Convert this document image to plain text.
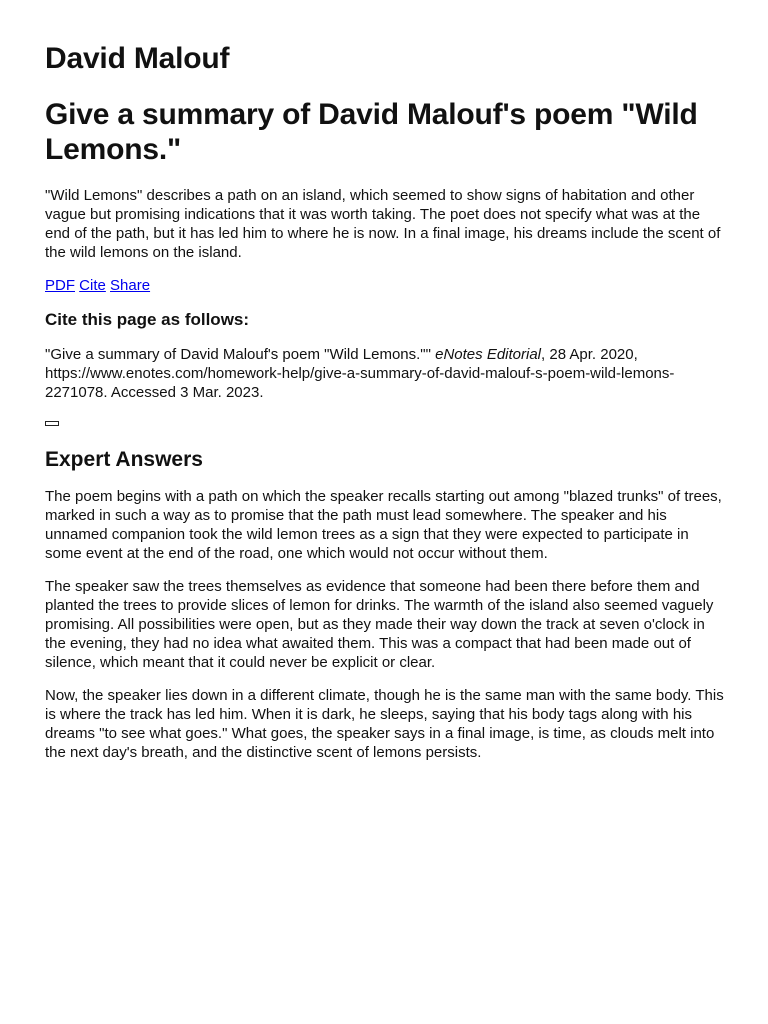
David Malouf
Give a summary of David Malouf's poem "Wild Lemons."

"Wild Lemons" describes a path on an island, which seemed to show signs of habitation and other vague but promising indications that it was worth taking. The poet does not specify what was at the end of the path, but it has led him to where he is now. In a final image, his dreams include the scent of the wild lemons on the island.

PDF Cite Share

Cite this page as follows:

"Give a summary of David Malouf's poem "Wild Lemons."" eNotes Editorial, 28 Apr. 2020, https://www.enotes.com/homework-help/give-a-summary-of-david-malouf-s-poem-wild-lemons-2271078. Accessed 3 Mar. 2023.

Expert Answers

The poem begins with a path on which the speaker recalls starting out among "blazed trunks" of trees, marked in such a way as to promise that the path must lead somewhere. The speaker and his unnamed companion took the wild lemon trees as a sign that they were expected to participate in some event at the end of the road, one which would not occur without them.

The speaker saw the trees themselves as evidence that someone had been there before them and planted the trees to provide slices of lemon for drinks. The warmth of the island also seemed vaguely promising. All possibilities were open, but as they made their way down the track at seven o'clock in the evening, they had no idea what awaited them. This was a compact that had been made out of silence, which meant that it could never be explicit or clear.

Now, the speaker lies down in a different climate, though he is the same man with the same body. This is where the track has led him. When it is dark, he sleeps, saying that his body tags along with his dreams "to see what goes." What goes, the speaker says in a final image, is time, as clouds melt into the next day's breath, and the distinctive scent of lemons persists.
